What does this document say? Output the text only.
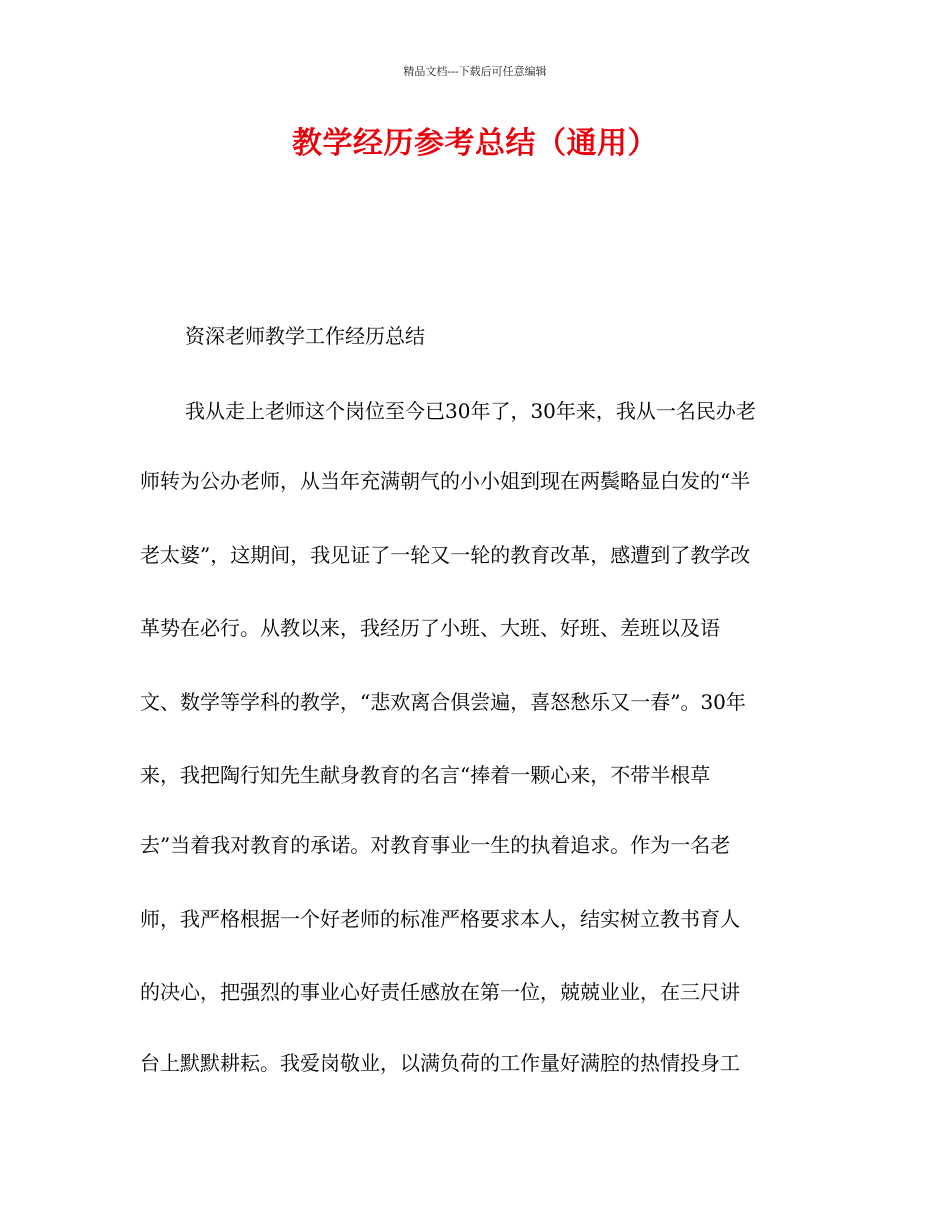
精品文档---下载后可任意编辑
教学经历参考总结（通用）
资深老师教学工作经历总结
我从走上老师这个岗位至今已30年了，30年来，我从一名民办老
师转为公办老师，从当年充满朝气的小小姐到现在两鬓略显白发的“半
老太婆”，这期间，我见证了一轮又一轮的教育改革，感遭到了教学改
革势在必行。从教以来，我经历了小班、大班、好班、差班以及语
文、数学等学科的教学，“悲欢离合俱尝遍，喜怒愁乐又一春”。30年
来，我把陶行知先生献身教育的名言“捧着一颗心来，不带半根草
去”当着我对教育的承诺。对教育事业一生的执着追求。作为一名老
师，我严格根据一个好老师的标准严格要求本人，结实树立教书育人
的决心，把强烈的事业心好责任感放在第一位，兢兢业业，在三尺讲
台上默默耕耘。我爱岗敬业，以满负荷的工作量好满腔的热情投身工
